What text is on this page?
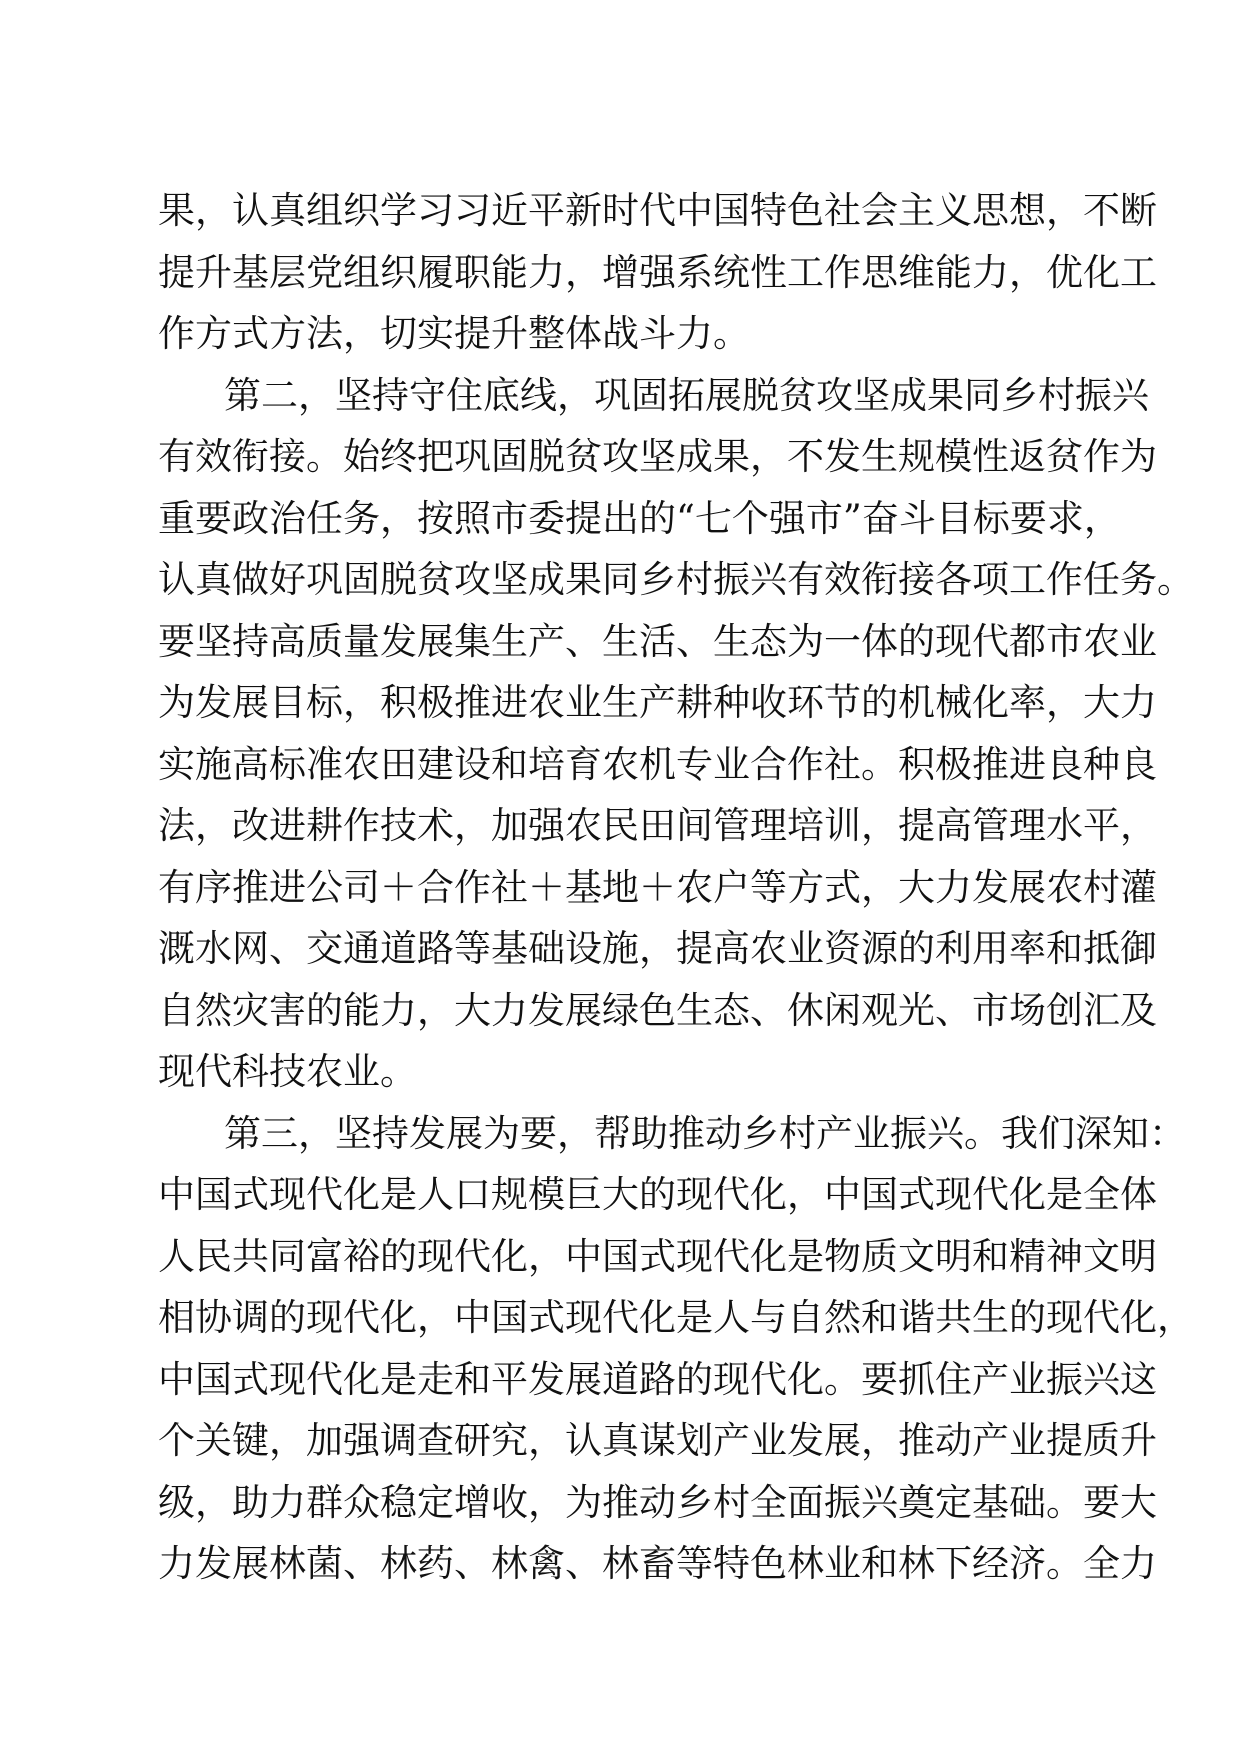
果，认真组织学习习近平新时代中国特色社会主义思想，不断
提升基层党组织履职能力，增强系统性工作思维能力，优化工
作方式方法，切实提升整体战斗力。
第二，坚持守住底线，巩固拓展脱贫攻坚成果同乡村振兴
有效衔接。始终把巩固脱贫攻坚成果，不发生规模性返贫作为
重要政治任务，按照市委提出的“七个强市”奋斗目标要求，
认真做好巩固脱贫攻坚成果同乡村振兴有效衔接各项工作任务。
要坚持高质量发展集生产、生活、生态为一体的现代都市农业
为发展目标，积极推进农业生产耕种收环节的机械化率，大力
实施高标准农田建设和培育农机专业合作社。积极推进良种良
法，改进耕作技术，加强农民田间管理培训，提高管理水平，
有序推进公司＋合作社＋基地＋农户等方式，大力发展农村灌
溉水网、交通道路等基础设施，提高农业资源的利用率和抵御
自然灾害的能力，大力发展绿色生态、休闲观光、市场创汇及
现代科技农业。
第三，坚持发展为要，帮助推动乡村产业振兴。我们深知：
中国式现代化是人口规模巨大的现代化，中国式现代化是全体
人民共同富裕的现代化，中国式现代化是物质文明和精神文明
相协调的现代化，中国式现代化是人与自然和谐共生的现代化，
中国式现代化是走和平发展道路的现代化。要抓住产业振兴这
个关键，加强调查研究，认真谋划产业发展，推动产业提质升
级，助力群众稳定增收，为推动乡村全面振兴奠定基础。要大
力发展林菌、林药、林禽、林畜等特色林业和林下经济。全力
